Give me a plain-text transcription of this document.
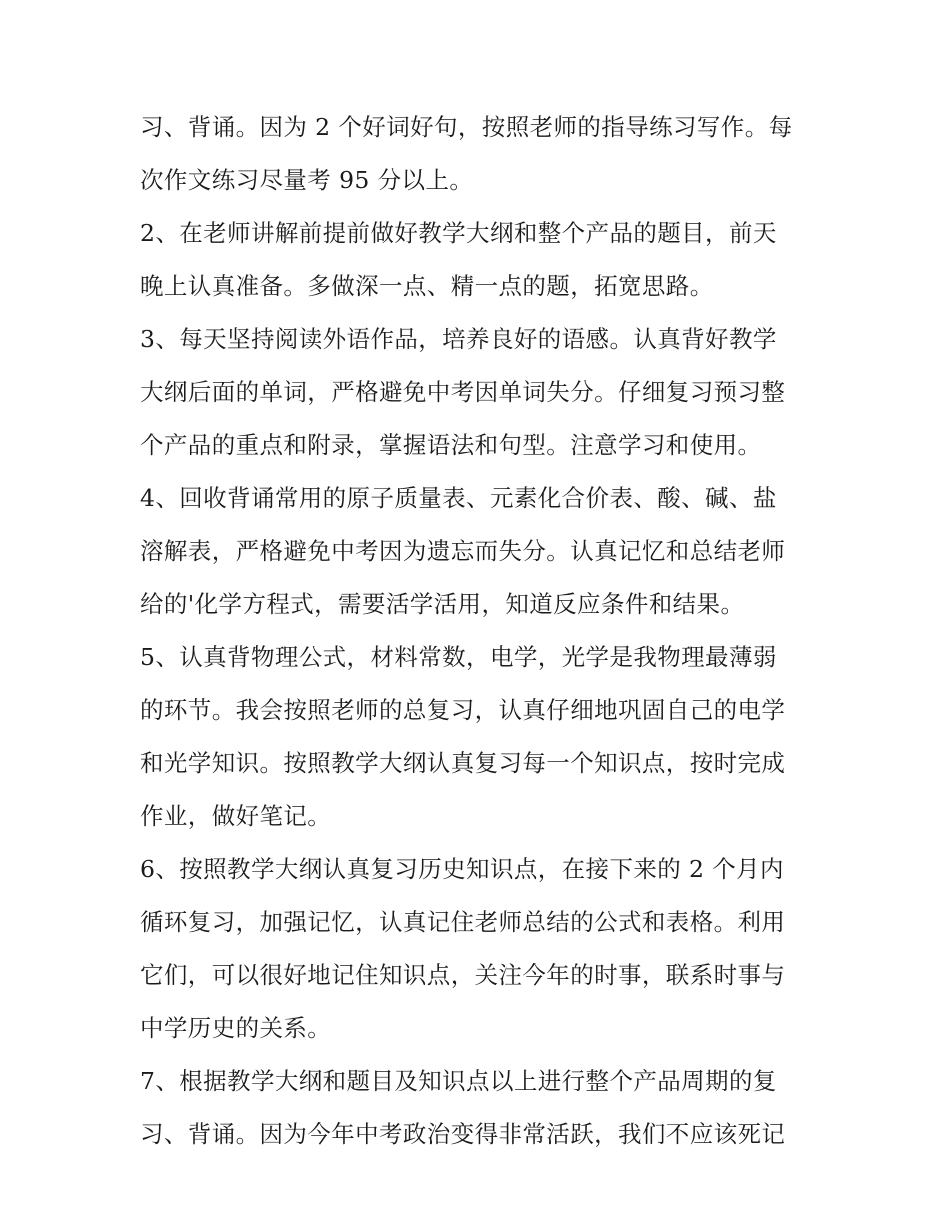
习、背诵。因为 2 个好词好句，按照老师的指导练习写作。每
次作文练习尽量考 95 分以上。
2、在老师讲解前提前做好教学大纲和整个产品的题目，前天
晚上认真准备。多做深一点、精一点的题，拓宽思路。
3、每天坚持阅读外语作品，培养良好的语感。认真背好教学
大纲后面的单词，严格避免中考因单词失分。仔细复习预习整
个产品的重点和附录，掌握语法和句型。注意学习和使用。
4、回收背诵常用的原子质量表、元素化合价表、酸、碱、盐
溶解表，严格避免中考因为遗忘而失分。认真记忆和总结老师
给的'化学方程式，需要活学活用，知道反应条件和结果。
5、认真背物理公式，材料常数，电学，光学是我物理最薄弱
的环节。我会按照老师的总复习，认真仔细地巩固自己的电学
和光学知识。按照教学大纲认真复习每一个知识点，按时完成
作业，做好笔记。
6、按照教学大纲认真复习历史知识点，在接下来的 2 个月内
循环复习，加强记忆，认真记住老师总结的公式和表格。利用
它们，可以很好地记住知识点，关注今年的时事，联系时事与
中学历史的关系。
7、根据教学大纲和题目及知识点以上进行整个产品周期的复
习、背诵。因为今年中考政治变得非常活跃，我们不应该死记
